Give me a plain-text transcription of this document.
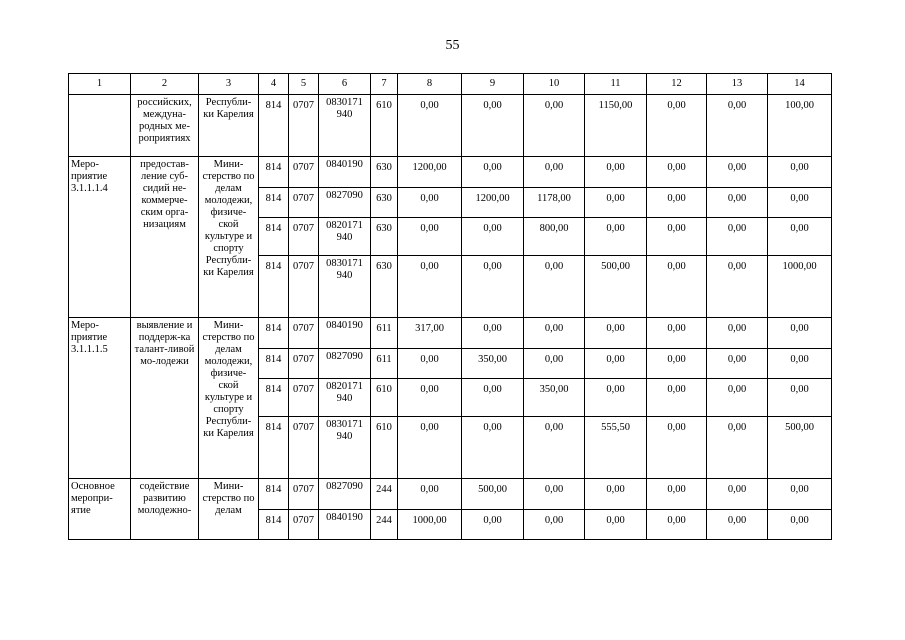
55
1	2	3	4	5	6	7	8	9	10	11	12	13	14
	российских, междуна-родных ме-роприятиях	Республи-ки Карелия	814	0707	0830171 940	610	0,00	0,00	0,00	1150,00	0,00	0,00	100,00
Меро-приятие 3.1.1.1.4	предостав-ление суб-сидий не-коммерче-ским орга-низациям	Мини-стерство по делам молодежи, физиче-ской культуре и спорту Республи-ки Карелия	814	0707	0840190	630	1200,00	0,00	0,00	0,00	0,00	0,00	0,00
			814	0707	0827090	630	0,00	1200,00	1178,00	0,00	0,00	0,00	0,00
			814	0707	0820171 940	630	0,00	0,00	800,00	0,00	0,00	0,00	0,00
			814	0707	0830171 940	630	0,00	0,00	0,00	500,00	0,00	0,00	1000,00
Меро-приятие 3.1.1.1.5	выявление и поддерж-ка талант-ливой мо-лодежи	Мини-стерство по делам молодежи, физиче-ской культуре и спорту Республи-ки Карелия	814	0707	0840190	611	317,00	0,00	0,00	0,00	0,00	0,00	0,00
			814	0707	0827090	611	0,00	350,00	0,00	0,00	0,00	0,00	0,00
			814	0707	0820171 940	610	0,00	0,00	350,00	0,00	0,00	0,00	0,00
			814	0707	0830171 940	610	0,00	0,00	0,00	555,50	0,00	0,00	500,00
Основное меропри-ятие	содействие развитию молодежно-	Мини-стерство по делам	814	0707	0827090	244	0,00	500,00	0,00	0,00	0,00	0,00	0,00
			814	0707	0840190	244	1000,00	0,00	0,00	0,00	0,00	0,00	0,00
